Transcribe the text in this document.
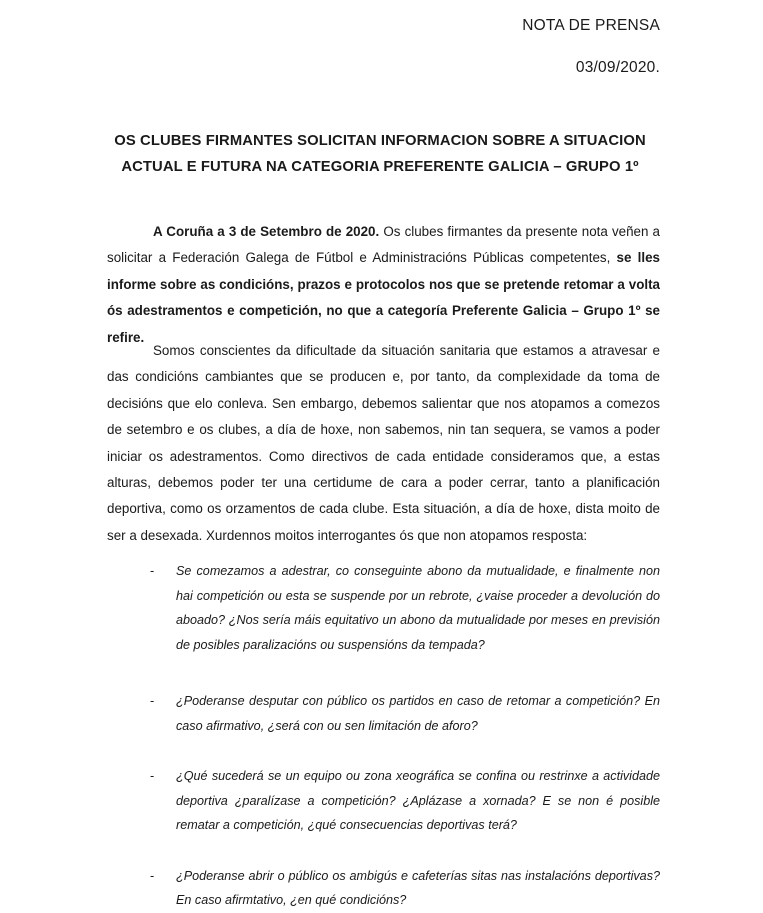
NOTA DE PRENSA
03/09/2020.
OS CLUBES FIRMANTES SOLICITAN INFORMACION SOBRE A SITUACION
ACTUAL E FUTURA NA CATEGORIA PREFERENTE GALICIA – GRUPO 1º
A Coruña a 3 de Setembro de 2020. Os clubes firmantes da presente nota veñen a solicitar a Federación Galega de Fútbol e Administracións Públicas competentes, se lles informe sobre as condicións, prazos e protocolos nos que se pretende retomar a volta ós adestramentos e competición, no que a categoría Preferente Galicia – Grupo 1º se refire.
Somos conscientes da dificultade da situación sanitaria que estamos a atravesar e das condicións cambiantes que se producen e, por tanto, da complexidade da toma de decisións que elo conleva. Sen embargo, debemos salientar que nos atopamos a comezos de setembro e os clubes, a día de hoxe, non sabemos, nin tan sequera, se vamos a poder iniciar os adestramentos. Como directivos de cada entidade consideramos que, a estas alturas, debemos poder ter una certidume de cara a poder cerrar, tanto a planificación deportiva, como os orzamentos de cada clube. Esta situación, a día de hoxe, dista moito de ser a desexada. Xurdennos moitos interrogantes ós que non atopamos resposta:
- Se comezamos a adestrar, co conseguinte abono da mutualidade, e finalmente non hai competición ou esta se suspende por un rebrote, ¿vaise proceder a devolución do aboado? ¿Nos sería máis equitativo un abono da mutualidade por meses en previsión de posibles paralizacións ou suspensións da tempada?
- ¿Poderanse desputar con público os partidos en caso de retomar a competición? En caso afirmativo, ¿será con ou sen limitación de aforo?
- ¿Qué sucederá se un equipo ou zona xeográfica se confina ou restrinxe a actividade deportiva ¿paralízase a competición? ¿Aplázase a xornada? E se non é posible rematar a competición, ¿qué consecuencias deportivas terá?
- ¿Poderanse abrir o público os ambigús e cafeterías sitas nas instalacións deportivas? En caso afirmtativo, ¿en qué condicións?
